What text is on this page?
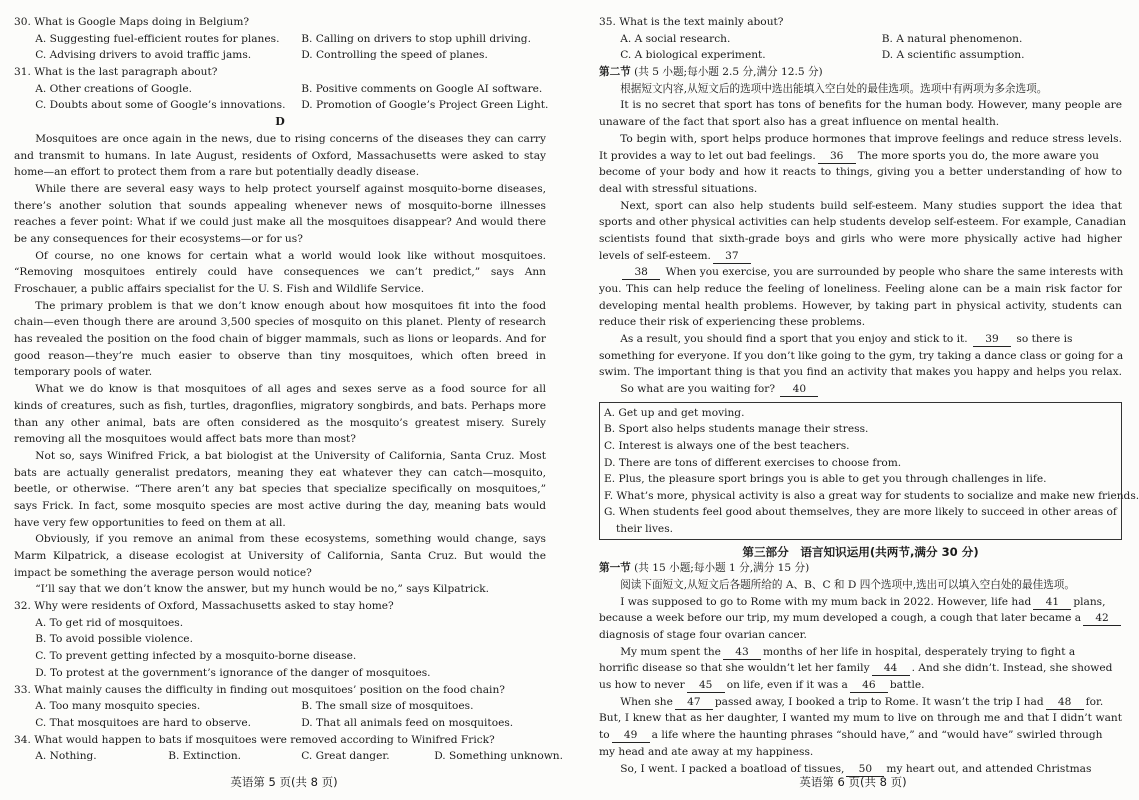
30. What is Google Maps doing in Belgium?
A. Suggesting fuel-efficient routes for planes.	B. Calling on drivers to stop uphill driving.
C. Advising drivers to avoid traffic jams.	D. Controlling the speed of planes.
31. What is the last paragraph about?
A. Other creations of Google.	B. Positive comments on Google AI software.
C. Doubts about some of Google’s innovations.	D. Promotion of Google’s Project Green Light.
D
Mosquitoes are once again in the news, due to rising concerns of the diseases they can carry
and transmit to humans. In late August, residents of Oxford, Massachusetts were asked to stay
home—an effort to protect them from a rare but potentially deadly disease.
While there are several easy ways to help protect yourself against mosquito-borne diseases,
there’s another solution that sounds appealing whenever news of mosquito-borne illnesses
reaches a fever point: What if we could just make all the mosquitoes disappear? And would there
be any consequences for their ecosystems—or for us?
Of course, no one knows for certain what a world would look like without mosquitoes.
“Removing mosquitoes entirely could have consequences we can’t predict,” says Ann
Froschauer, a public affairs specialist for the U. S. Fish and Wildlife Service.
The primary problem is that we don’t know enough about how mosquitoes fit into the food
chain—even though there are around 3,500 species of mosquito on this planet. Plenty of research
has revealed the position on the food chain of bigger mammals, such as lions or leopards. And for
good reason—they’re much easier to observe than tiny mosquitoes, which often breed in
temporary pools of water.
What we do know is that mosquitoes of all ages and sexes serve as a food source for all
kinds of creatures, such as fish, turtles, dragonflies, migratory songbirds, and bats. Perhaps more
than any other animal, bats are often considered as the mosquito’s greatest misery. Surely
removing all the mosquitoes would affect bats more than most?
Not so, says Winifred Frick, a bat biologist at the University of California, Santa Cruz. Most
bats are actually generalist predators, meaning they eat whatever they can catch—mosquito,
beetle, or otherwise. “There aren’t any bat species that specialize specifically on mosquitoes,”
says Frick. In fact, some mosquito species are most active during the day, meaning bats would
have very few opportunities to feed on them at all.
Obviously, if you remove an animal from these ecosystems, something would change, says
Marm Kilpatrick, a disease ecologist at University of California, Santa Cruz. But would the
impact be something the average person would notice?
“I’ll say that we don’t know the answer, but my hunch would be no,” says Kilpatrick.
32. Why were residents of Oxford, Massachusetts asked to stay home?
A. To get rid of mosquitoes.
B. To avoid possible violence.
C. To prevent getting infected by a mosquito-borne disease.
D. To protest at the government’s ignorance of the danger of mosquitoes.
33. What mainly causes the difficulty in finding out mosquitoes’ position on the food chain?
A. Too many mosquito species.	B. The small size of mosquitoes.
C. That mosquitoes are hard to observe.	D. That all animals feed on mosquitoes.
34. What would happen to bats if mosquitoes were removed according to Winifred Frick?
A. Nothing.	B. Extinction.	C. Great danger.	D. Something unknown.
英语第 5 页(共 8 页)
35. What is the text mainly about?
A. A social research.	B. A natural phenomenon.
C. A biological experiment.	D. A scientific assumption.
第二节 (共 5 小题;每小题 2.5 分,满分 12.5 分)
根据短文内容,从短文后的选项中选出能填入空白处的最佳选项。选项中有两项为多余选项。
It is no secret that sport has tons of benefits for the human body. However, many people are
unaware of the fact that sport also has a great influence on mental health.
To begin with, sport helps produce hormones that improve feelings and reduce stress levels.
It provides a way to let out bad feelings. 36 The more sports you do, the more aware you
become of your body and how it reacts to things, giving you a better understanding of how to
deal with stressful situations.
Next, sport can also help students build self-esteem. Many studies support the idea that
sports and other physical activities can help students develop self-esteem. For example, Canadian
scientists found that sixth-grade boys and girls who were more physically active had higher
levels of self-esteem. 37
38 When you exercise, you are surrounded by people who share the same interests with
you. This can help reduce the feeling of loneliness. Feeling alone can be a main risk factor for
developing mental health problems. However, by taking part in physical activity, students can
reduce their risk of experiencing these problems.
As a result, you should find a sport that you enjoy and stick to it. 39 so there is
something for everyone. If you don’t like going to the gym, try taking a dance class or going for a
swim. The important thing is that you find an activity that makes you happy and helps you relax.
So what are you waiting for? 40
A. Get up and get moving.
B. Sport also helps students manage their stress.
C. Interest is always one of the best teachers.
D. There are tons of different exercises to choose from.
E. Plus, the pleasure sport brings you is able to get you through challenges in life.
F. What’s more, physical activity is also a great way for students to socialize and make new friends.
G. When students feel good about themselves, they are more likely to succeed in other areas of
their lives.
第三部分　语言知识运用(共两节,满分 30 分)
第一节 (共 15 小题;每小题 1 分,满分 15 分)
阅读下面短文,从短文后各题所给的 A、B、C 和 D 四个选项中,选出可以填入空白处的最佳选项。
I was supposed to go to Rome with my mum back in 2022. However, life had 41 plans,
because a week before our trip, my mum developed a cough, a cough that later became a 42
diagnosis of stage four ovarian cancer.
My mum spent the 43 months of her life in hospital, desperately trying to fight a
horrific disease so that she wouldn’t let her family 44 . And she didn’t. Instead, she showed
us how to never 45 on life, even if it was a 46 battle.
When she 47 passed away, I booked a trip to Rome. It wasn’t the trip I had 48 for.
But, I knew that as her daughter, I wanted my mum to live on through me and that I didn’t want
to 49 a life where the haunting phrases “should have,” and “would have” swirled through
my head and ate away at my happiness.
So, I went. I packed a boatload of tissues, 50 my heart out, and attended Christmas
英语第 6 页(共 8 页)
